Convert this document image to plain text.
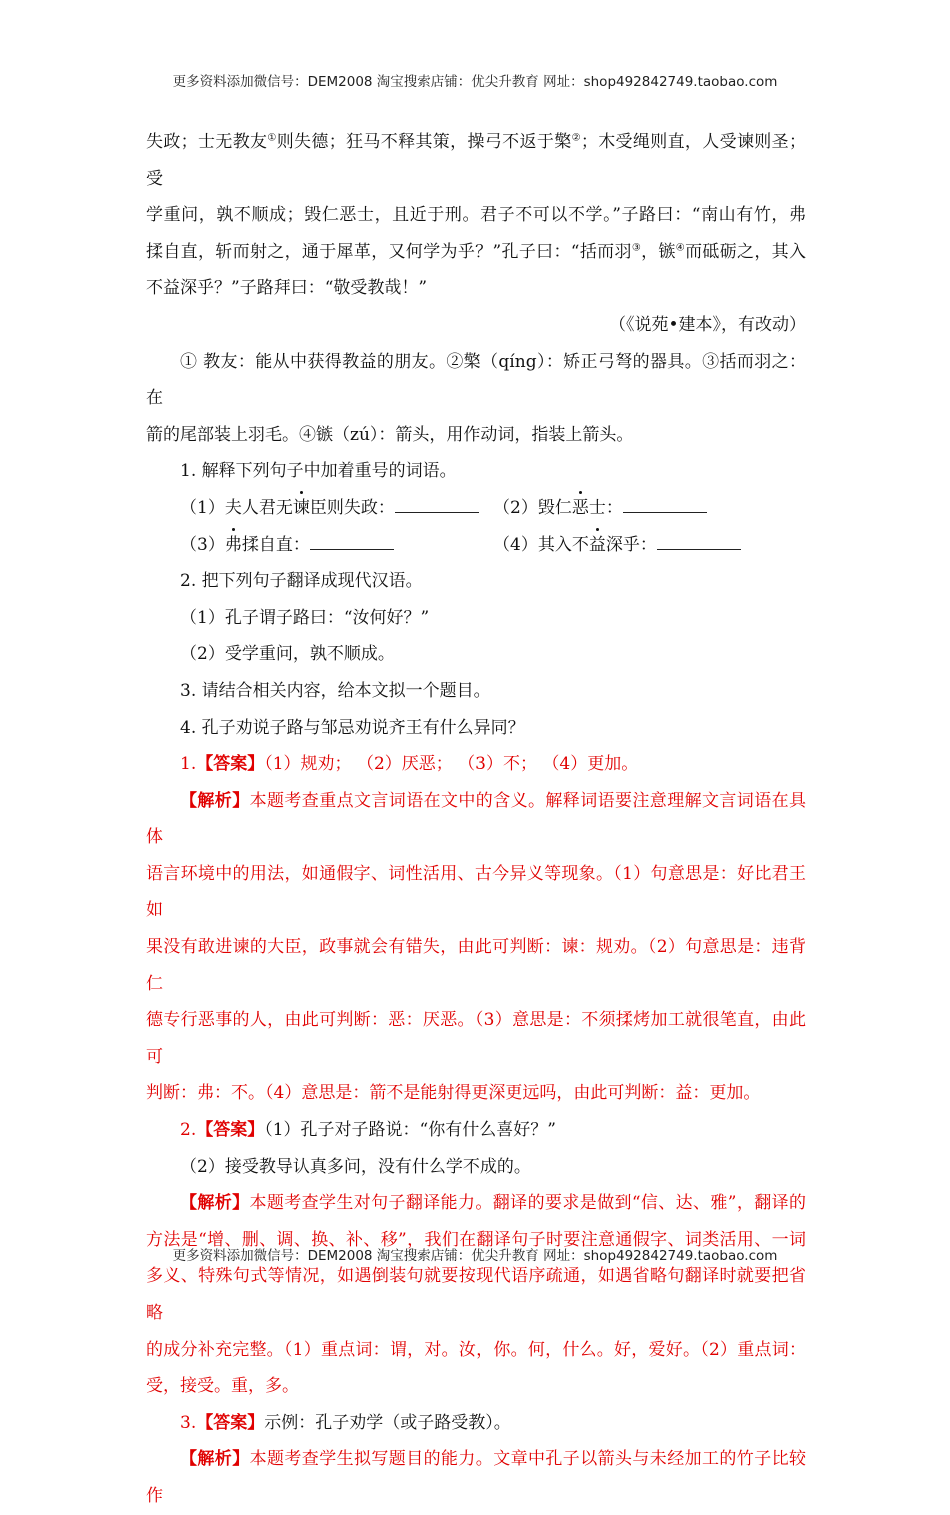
更多资料添加微信号：DEM2008 淘宝搜索店铺：优尖升教育 网址：shop492842749.taobao.com

失政；士无教友①则失德；狂马不释其策，操弓不返于檠②；木受绳则直，人受谏则圣；受

学重问，孰不顺成；毁仁恶士，且近于刑。君子不可以不学。”子路曰：“南山有竹，弗

揉自直，斩而射之，通于犀革，又何学为乎？”孔子曰：“括而羽③，镞④而砥砺之，其入

不益深乎？”子路拜曰：“敬受教哉！”

（《说苑•建本》，有改动）

① 教友：能从中获得教益的朋友。②檠（qíng）：矫正弓弩的器具。③括而羽之：在

箭的尾部装上羽毛。④镞（zú）：箭头，用作动词，指装上箭头。

1. 解释下列句子中加着重号的词语。

（1）夫人君无谏臣则失政：	（2）毁仁恶士：
（3）弗揉自直：	（4）其入不益深乎：

2. 把下列句子翻译成现代汉语。

（1）孔子谓子路曰：“汝何好？”

（2）受学重问，孰不顺成。

3. 请结合相关内容，给本文拟一个题目。

4. 孔子劝说子路与邹忌劝说齐王有什么异同？

1.【答案】（1）规劝； （2）厌恶； （3）不； （4）更加。

【解析】本题考查重点文言词语在文中的含义。解释词语要注意理解文言词语在具体

语言环境中的用法，如通假字、词性活用、古今异义等现象。（1）句意思是：好比君王如

果没有敢进谏的大臣，政事就会有错失，由此可判断：谏：规劝。（2）句意思是：违背仁

德专行恶事的人，由此可判断：恶：厌恶。（3）意思是：不须揉烤加工就很笔直，由此可

判断：弗：不。（4）意思是：箭不是能射得更深更远吗，由此可判断：益：更加。

2.【答案】（1）孔子对子路说：“你有什么喜好？”

（2）接受教导认真多问，没有什么学不成的。

【解析】本题考查学生对句子翻译能力。翻译的要求是做到“信、达、雅”，翻译的

方法是“增、删、调、换、补、移”，我们在翻译句子时要注意通假字、词类活用、一词

多义、特殊句式等情况，如遇倒装句就要按现代语序疏通，如遇省略句翻译时就要把省略

的成分补充完整。（1）重点词：谓，对。汝，你。何，什么。好，爱好。（2）重点词：

受，接受。重，多。

3.【答案】示例：孔子劝学（或子路受教）。

【解析】本题考查学生拟写题目的能力。文章中孔子以箭头与未经加工的竹子比较作

更多资料添加微信号：DEM2008 淘宝搜索店铺：优尖升教育 网址：shop492842749.taobao.com
